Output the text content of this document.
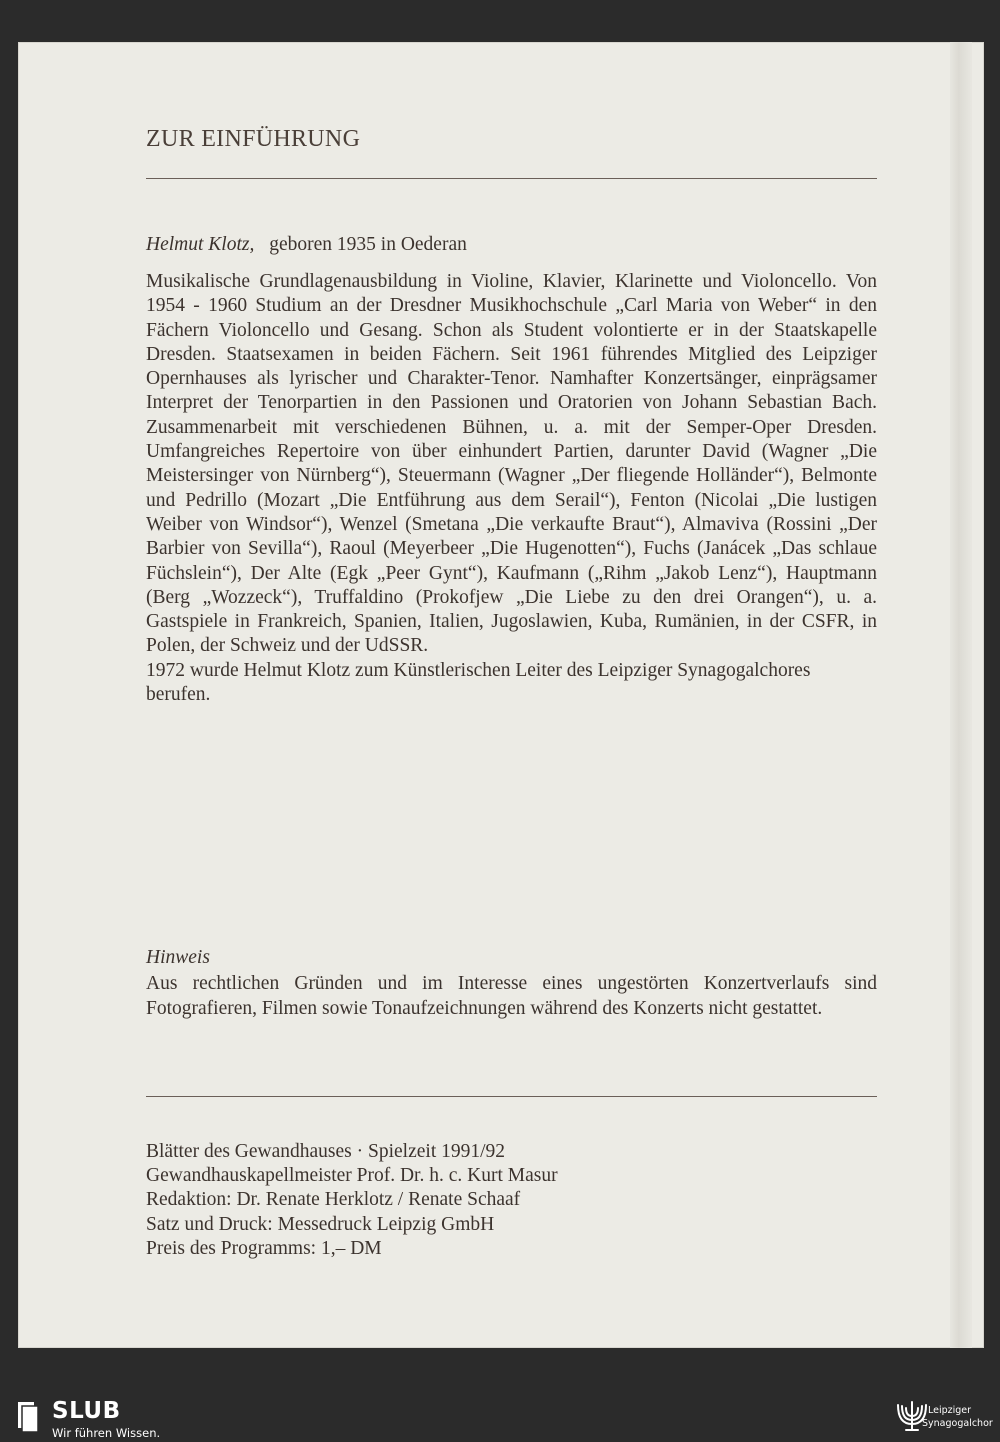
ZUR EINFÜHRUNG
Helmut Klotz, geboren 1935 in Oederan

Musikalische Grundlagenausbildung in Violine, Klavier, Klarinette und Violoncello. Von 1954 - 1960 Studium an der Dresdner Musikhochschule „Carl Maria von Weber“ in den Fächern Violoncello und Gesang. Schon als Student volontierte er in der Staatskapelle Dresden. Staatsexamen in beiden Fächern. Seit 1961 führendes Mitglied des Leipziger Opernhauses als lyrischer und Charakter-Tenor. Namhafter Konzertsänger, einprägsamer Interpret der Tenorpartien in den Passionen und Oratorien von Johann Sebastian Bach. Zusammenarbeit mit verschiedenen Bühnen, u. a. mit der Semper-Oper Dresden. Umfangreiches Repertoire von über einhundert Partien, darunter David (Wagner „Die Meistersinger von Nürnberg“), Steuermann (Wagner „Der fliegende Holländer“), Belmonte und Pedrillo (Mozart „Die Entführung aus dem Serail“), Fenton (Nicolai „Die lustigen Weiber von Windsor“), Wenzel (Smetana „Die verkaufte Braut“), Almaviva (Rossini „Der Barbier von Sevilla“), Raoul (Meyerbeer „Die Hugenotten“), Fuchs (Janácek „Das schlaue Füchslein“), Der Alte (Egk „Peer Gynt“), Kaufmann („Rihm „Jakob Lenz“), Hauptmann (Berg „Wozzeck“), Truffaldino (Prokofjew „Die Liebe zu den drei Orangen“), u. a. Gastspiele in Frankreich, Spanien, Italien, Jugoslawien, Kuba, Rumänien, in der CSFR, in Polen, der Schweiz und der UdSSR.

1972 wurde Helmut Klotz zum Künstlerischen Leiter des Leipziger Synagogalchores berufen.

Hinweis
Aus rechtlichen Gründen und im Interesse eines ungestörten Konzertverlaufs sind Fotografieren, Filmen sowie Tonaufzeichnungen während des Konzerts nicht gestattet.
Blätter des Gewandhauses · Spielzeit 1991/92
Gewandhauskapellmeister Prof. Dr. h. c. Kurt Masur
Redaktion: Dr. Renate Herklotz / Renate Schaaf
Satz und Druck: Messedruck Leipzig GmbH
Preis des Programms: 1,– DM
SLUB
Wir führen Wissen.
Leipziger
Synagogalchor
